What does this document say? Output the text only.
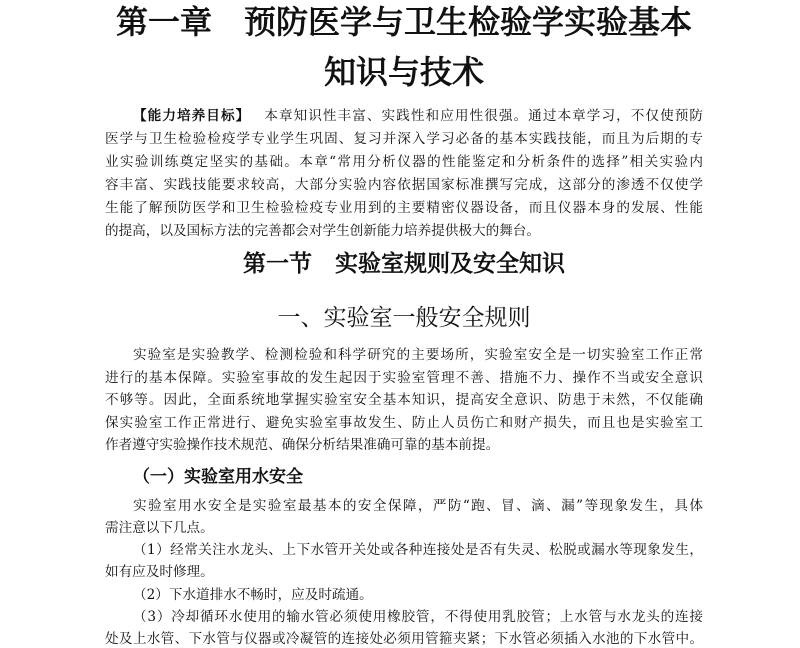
第一章　预防医学与卫生检验学实验基本
知识与技术
【能力培养目标】 本章知识性丰富、实践性和应用性很强。通过本章学习，不仅使预防
医学与卫生检验检疫学专业学生巩固、复习并深入学习必备的基本实践技能，而且为后期的专
业实验训练奠定坚实的基础。本章“常用分析仪器的性能鉴定和分析条件的选择”相关实验内
容丰富、实践技能要求较高，大部分实验内容依据国家标准撰写完成，这部分的渗透不仅使学
生能了解预防医学和卫生检验检疫专业用到的主要精密仪器设备，而且仪器本身的发展、性能
的提高，以及国标方法的完善都会对学生创新能力培养提供极大的舞台。
第一节　实验室规则及安全知识
一、实验室一般安全规则
实验室是实验教学、检测检验和科学研究的主要场所，实验室安全是一切实验室工作正常
进行的基本保障。实验室事故的发生起因于实验室管理不善、措施不力、操作不当或安全意识
不够等。因此，全面系统地掌握实验室安全基本知识，提高安全意识、防患于未然，不仅能确
保实验室工作正常进行、避免实验室事故发生、防止人员伤亡和财产损失，而且也是实验室工
作者遵守实验操作技术规范、确保分析结果准确可靠的基本前提。
（一）实验室用水安全
实验室用水安全是实验室最基本的安全保障，严防“跑、冒、滴、漏”等现象发生，具体
需注意以下几点。
（1）经常关注水龙头、上下水管开关处或各种连接处是否有失灵、松脱或漏水等现象发生，
如有应及时修理。
（2）下水道排水不畅时，应及时疏通。
（3）冷却循环水使用的输水管必须使用橡胶管，不得使用乳胶管；上水管与水龙头的连接
处及上水管、下水管与仪器或冷凝管的连接处必须用管箍夹紧；下水管必须插入水池的下水管中。
